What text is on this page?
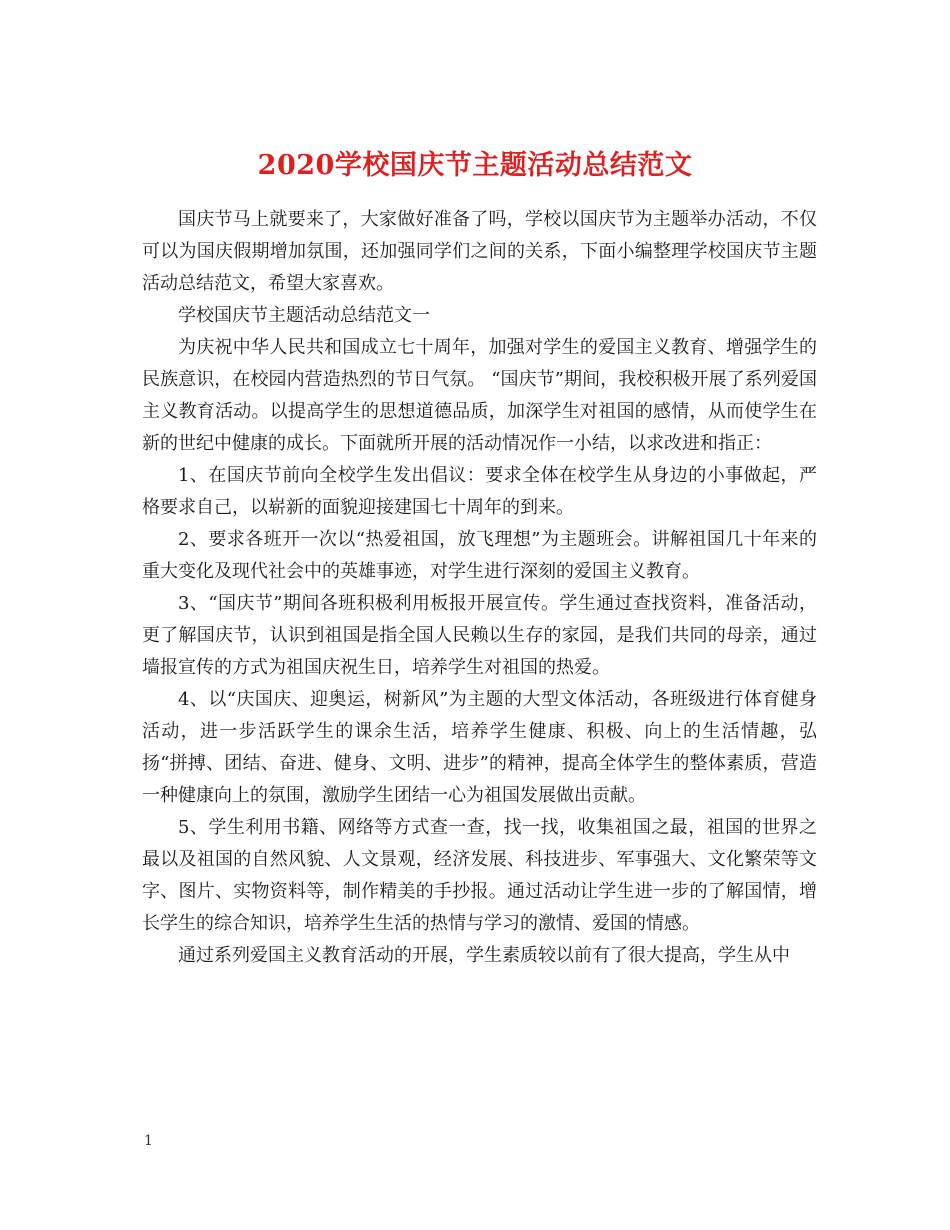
2020学校国庆节主题活动总结范文

国庆节马上就要来了，大家做好准备了吗，学校以国庆节为主题举办活动，不仅可以为国庆假期增加氛围，还加强同学们之间的关系，下面小编整理学校国庆节主题活动总结范文，希望大家喜欢。

学校国庆节主题活动总结范文一

为庆祝中华人民共和国成立七十周年，加强对学生的爱国主义教育、增强学生的民族意识，在校园内营造热烈的节日气氛。 “国庆节”期间，我校积极开展了系列爱国主义教育活动。以提高学生的思想道德品质，加深学生对祖国的感情，从而使学生在新的世纪中健康的成长。下面就所开展的活动情况作一小结，以求改进和指正：

1、在国庆节前向全校学生发出倡议：要求全体在校学生从身边的小事做起，严格要求自己，以崭新的面貌迎接建国七十周年的到来。

2、要求各班开一次以“热爱祖国，放飞理想”为主题班会。讲解祖国几十年来的重大变化及现代社会中的英雄事迹，对学生进行深刻的爱国主义教育。

3、“国庆节”期间各班积极利用板报开展宣传。学生通过查找资料，准备活动，更了解国庆节，认识到祖国是指全国人民赖以生存的家园，是我们共同的母亲，通过墙报宣传的方式为祖国庆祝生日，培养学生对祖国的热爱。

4、以“庆国庆、迎奥运，树新风”为主题的大型文体活动，各班级进行体育健身活动，进一步活跃学生的课余生活，培养学生健康、积极、向上的生活情趣，弘扬“拼搏、团结、奋进、健身、文明、进步”的精神，提高全体学生的整体素质，营造一种健康向上的氛围，激励学生团结一心为祖国发展做出贡献。

5、学生利用书籍、网络等方式查一查，找一找，收集祖国之最，祖国的世界之最以及祖国的自然风貌、人文景观，经济发展、科技进步、军事强大、文化繁荣等文字、图片、实物资料等，制作精美的手抄报。通过活动让学生进一步的了解国情，增长学生的综合知识，培养学生生活的热情与学习的激情、爱国的情感。

通过系列爱国主义教育活动的开展，学生素质较以前有了很大提高，学生从中

1
